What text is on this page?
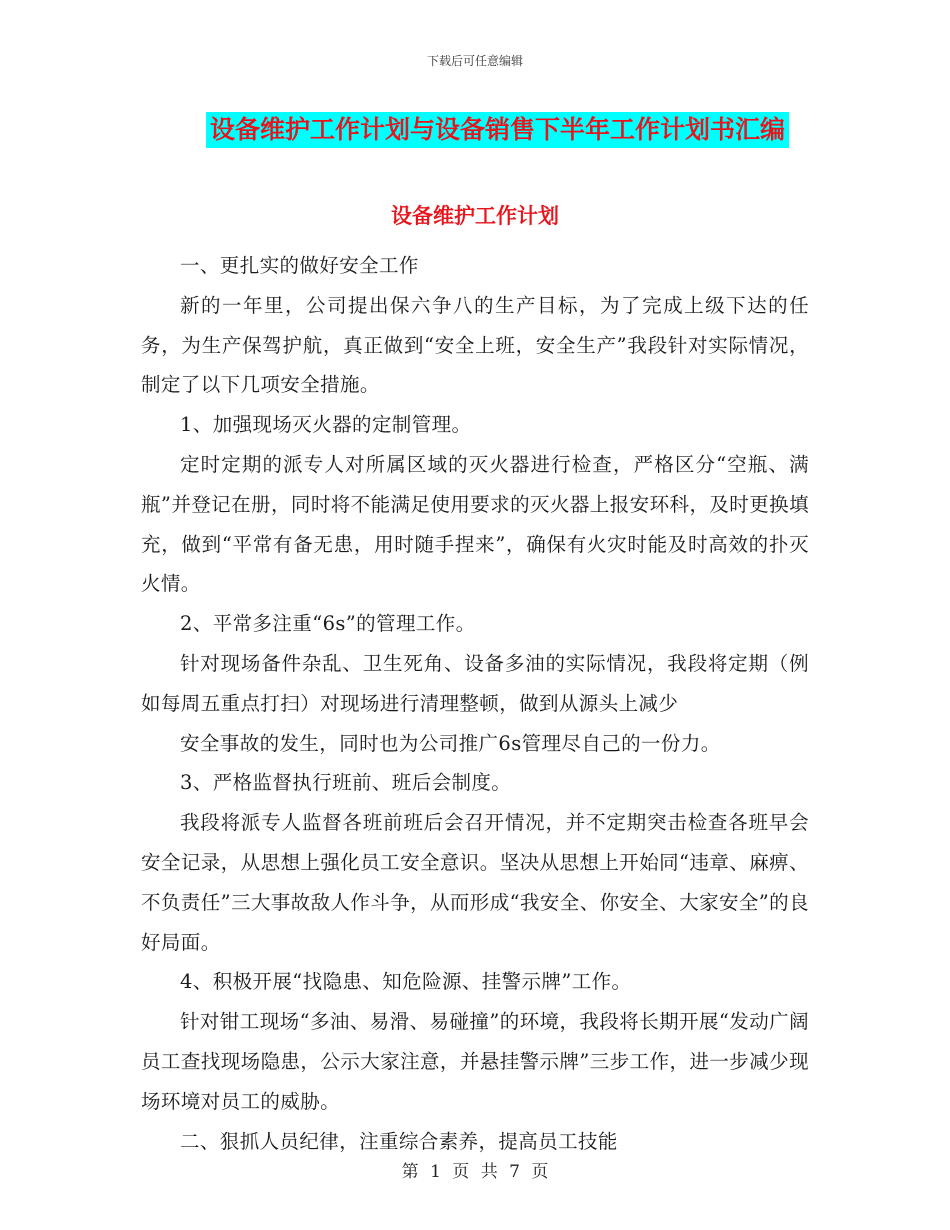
下载后可任意编辑
设备维护工作计划与设备销售下半年工作计划书汇编
设备维护工作计划

一、更扎实的做好安全工作

新的一年里，公司提出保六争八的生产目标，为了完成上级下达的任务，为生产保驾护航，真正做到“安全上班，安全生产”我段针对实际情况，制定了以下几项安全措施。

1、加强现场灭火器的定制管理。

定时定期的派专人对所属区域的灭火器进行检查，严格区分“空瓶、满瓶”并登记在册，同时将不能满足使用要求的灭火器上报安环科，及时更换填充，做到“平常有备无患，用时随手捏来”，确保有火灾时能及时高效的扑灭火情。

2、平常多注重“6s”的管理工作。

针对现场备件杂乱、卫生死角、设备多油的实际情况，我段将定期（例如每周五重点打扫）对现场进行清理整顿，做到从源头上减少

安全事故的发生，同时也为公司推广6s管理尽自己的一份力。

3、严格监督执行班前、班后会制度。

我段将派专人监督各班前班后会召开情况，并不定期突击检查各班早会安全记录，从思想上强化员工安全意识。坚决从思想上开始同“违章、麻痹、不负责任”三大事故敌人作斗争，从而形成“我安全、你安全、大家安全”的良好局面。

4、积极开展“找隐患、知危险源、挂警示牌”工作。

针对钳工现场“多油、易滑、易碰撞”的环境，我段将长期开展“发动广阔员工查找现场隐患，公示大家注意，并悬挂警示牌”三步工作，进一步减少现场环境对员工的威胁。

二、狠抓人员纪律，注重综合素养，提高员工技能

第 1 页 共 7 页
